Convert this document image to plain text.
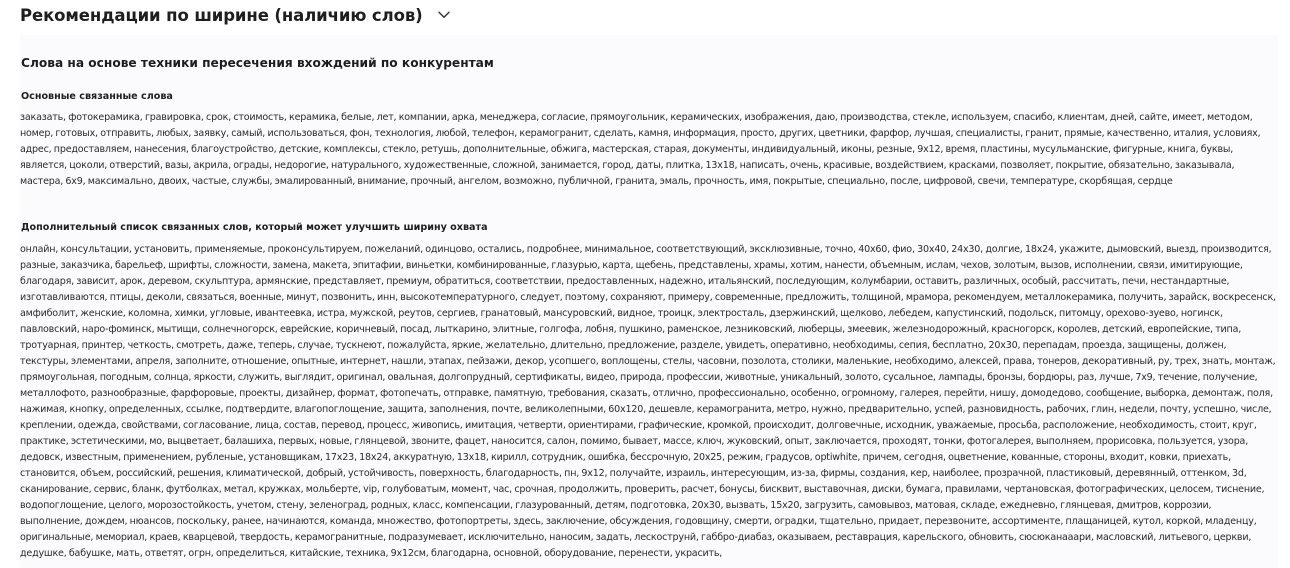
Рекомендации по ширине (наличию слов)
Слова на основе техники пересечения вхождений по конкурентам
Основные связанные слова
заказать, фотокерамика, гравировка, срок, стоимость, керамика, белые, лет, компании, арка, менеджера, согласие, прямоугольник, керамических, изображения, даю, производства, стекле, используем, спасибо, клиентам, дней, сайте, имеет, методом, номер, готовых, отправить, любых, заявку, самый, использоваться, фон, технология, любой, телефон, керамогранит, сделать, камня, информация, просто, других, цветники, фарфор, лучшая, специалисты, гранит, прямые, качественно, италия, условиях, адрес, предоставляем, нанесения, благоустройство, детские, комплексы, стекло, ретушь, дополнительные, обжига, мастерская, старая, документы, индивидуальный, иконы, резные, 9x12, время, пластины, мусульманские, фигурные, книга, буквы, является, цоколи, отверстий, вазы, акрила, ограды, недорогие, натурального, художественные, сложной, занимается, город, даты, плитка, 13х18, написать, очень, красивые, воздействием, красками, позволяет, покрытие, обязательно, заказывала, мастера, 6х9, максимально, двоих, частые, службы, эмалированный, внимание, прочный, ангелом, возможно, публичной, гранита, эмаль, прочность, имя, покрытые, специально, после, цифровой, свечи, температуре, скорбящая, сердце
Дополнительный список связанных слов, который может улучшить ширину охвата
онлайн, консультации, установить, применяемые, проконсультируем, пожеланий, одинцово, остались, подробнее, минимальное, соответствующий, эксклюзивные, точно, 40x60, фио, 30x40, 24x30, долгие, 18x24, укажите, дымовский, выезд, производится, разные, заказчика, барельеф, шрифты, сложности, замена, макета, эпитафии, виньетки, комбинированные, глазурью, карта, щебень, представлены, храмы, хотим, нанести, объемным, ислам, чехов, золотым, вызов, исполнении, связи, имитирующие, благодаря, зависит, арок, деревом, скульптура, армянские, представляет, премиум, обратиться, соответствии, предоставленных, надежно, итальянский, последующим, колумбарии, оставить, различных, особый, рассчитать, печи, нестандартные, изготавливаются, птицы, деколи, связаться, военные, минут, позвонить, инн, высокотемпературного, следует, поэтому, сохраняют, примеру, современные, предложить, толщиной, мрамора, рекомендуем, металлокерамика, получить, зарайск, воскресенск, амфиболит, женские, коломна, химки, угловые, ивантеевка, истра, мужской, реутов, сергиев, гранатовый, мансуровский, видное, троицк, электросталь, дзержинский, щелково, лебедем, капустинский, подольск, питомцу, орехово-зуево, ногинск, павловский, наро-фоминск, мытищи, солнечногорск, еврейские, коричневый, посад, лыткарино, элитные, голгофа, лобня, пушкино, раменское, лезниковский, люберцы, змеевик, железнодорожный, красногорск, королев, детский, европейские, типа, тротуарная, принтер, четкость, смотреть, даже, теперь, случае, тускнеют, пожалуйста, яркие, желательно, длительно, предложение, разделе, увидеть, оперативно, необходимы, сепия, бесплатно, 20x30, перепадам, проезда, защищены, должен, текстуры, элементами, апреля, заполните, отношение, опытные, интернет, нашли, этапах, пейзажи, декор, усопшего, воплощены, стелы, часовни, позолота, столики, маленькие, необходимо, алексей, права, тонеров, декоративный, ру, трех, знать, монтаж, прямоугольная, погодным, солнца, яркости, служить, выглядит, оригинал, овальная, долгопрудный, сертификаты, видео, природа, профессии, животные, уникальный, золото, сусальное, лампады, бронзы, бордюры, раз, лучше, 7x9, течение, получение, металлофото, разнообразные, фарфоровые, проекты, дизайнер, формат, фотопечать, отправке, памятную, требования, сказать, отлично, профессионально, особенно, огромному, галерея, перейти, нишу, домодедово, сообщение, выборка, демонтаж, поля, нажимая, кнопку, определенных, ссылке, подтвердите, влагопоглощение, защита, заполнения, почте, великолепными, 60x120, дешевле, керамогранита, метро, нужно, предварительно, успей, разновидность, рабочих, глин, недели, почту, успешно, числе, креплении, одежда, свойствами, согласование, лица, состав, перевод, процесс, живопись, имитация, четверти, ориентирами, графические, кромкой, происходит, долговечные, исходник, уважаемые, просьба, расположение, необходимость, стоит, круг, практике, эстетическими, мо, выцветает, балашиха, первых, новые, глянцевой, звоните, фацет, наносится, салон, помимо, бывает, массе, ключ, жуковский, опыт, заключается, проходят, тонки, фотогалерея, выполняем, прорисовка, пользуется, узора, дедовск, известным, применением, рубленые, установщикам, 17x23, 18x24, аккуратную, 13x18, кирилл, сотрудник, ошибка, бессрочную, 20x25, режим, градусов, optiwhite, причем, сегодня, оцветнение, кованные, стороны, входит, ковки, приехать, становится, объем, российский, решения, климатической, добрый, устойчивость, поверхность, благодарность, пн, 9x12, получайте, израиль, интересующим, из-за, фирмы, создания, кер, наиболее, прозрачной, пластиковый, деревянный, оттенком, 3d, сканирование, сервис, бланк, футболках, метал, кружках, мольберте, vip, голубоватым, момент, час, срочная, продолжить, проверить, расчет, бонусы, бисквит, выставочная, диски, бумага, правилами, чертановская, фотографических, целосем, тиснение, водопоглощение, целого, морозостойкость, учетом, стену, зеленоград, родных, класс, компенсации, глазурованный, детям, подготовка, 20x30, вызвать, 15x20, загрузить, самовывоз, матовая, складе, ежедневно, глянцевая, дмитров, коррозии, выполнение, дождем, нюансов, поскольку, ранее, начинаются, команда, множество, фотопортреты, здесь, заключение, обсуждения, годовщину, смерти, оградки, тщательно, придает, перезвоните, ассортименте, плащаницей, кутол, коркой, младенцу, оригинальные, мемориал, краев, кварцевой, твердость, керамогранитные, подразумевает, исключительно, наносим, задать, лескострунй, габбро-диабаз, оказываем, реставрация, карельского, обновить, сюсюканааари, масловский, литьевого, церкви, дедушке, бабушке, мать, ответят, огрн, определиться, китайские, техника, 9x12см, благодарна, основной, оборудование, перенести, украсить,
